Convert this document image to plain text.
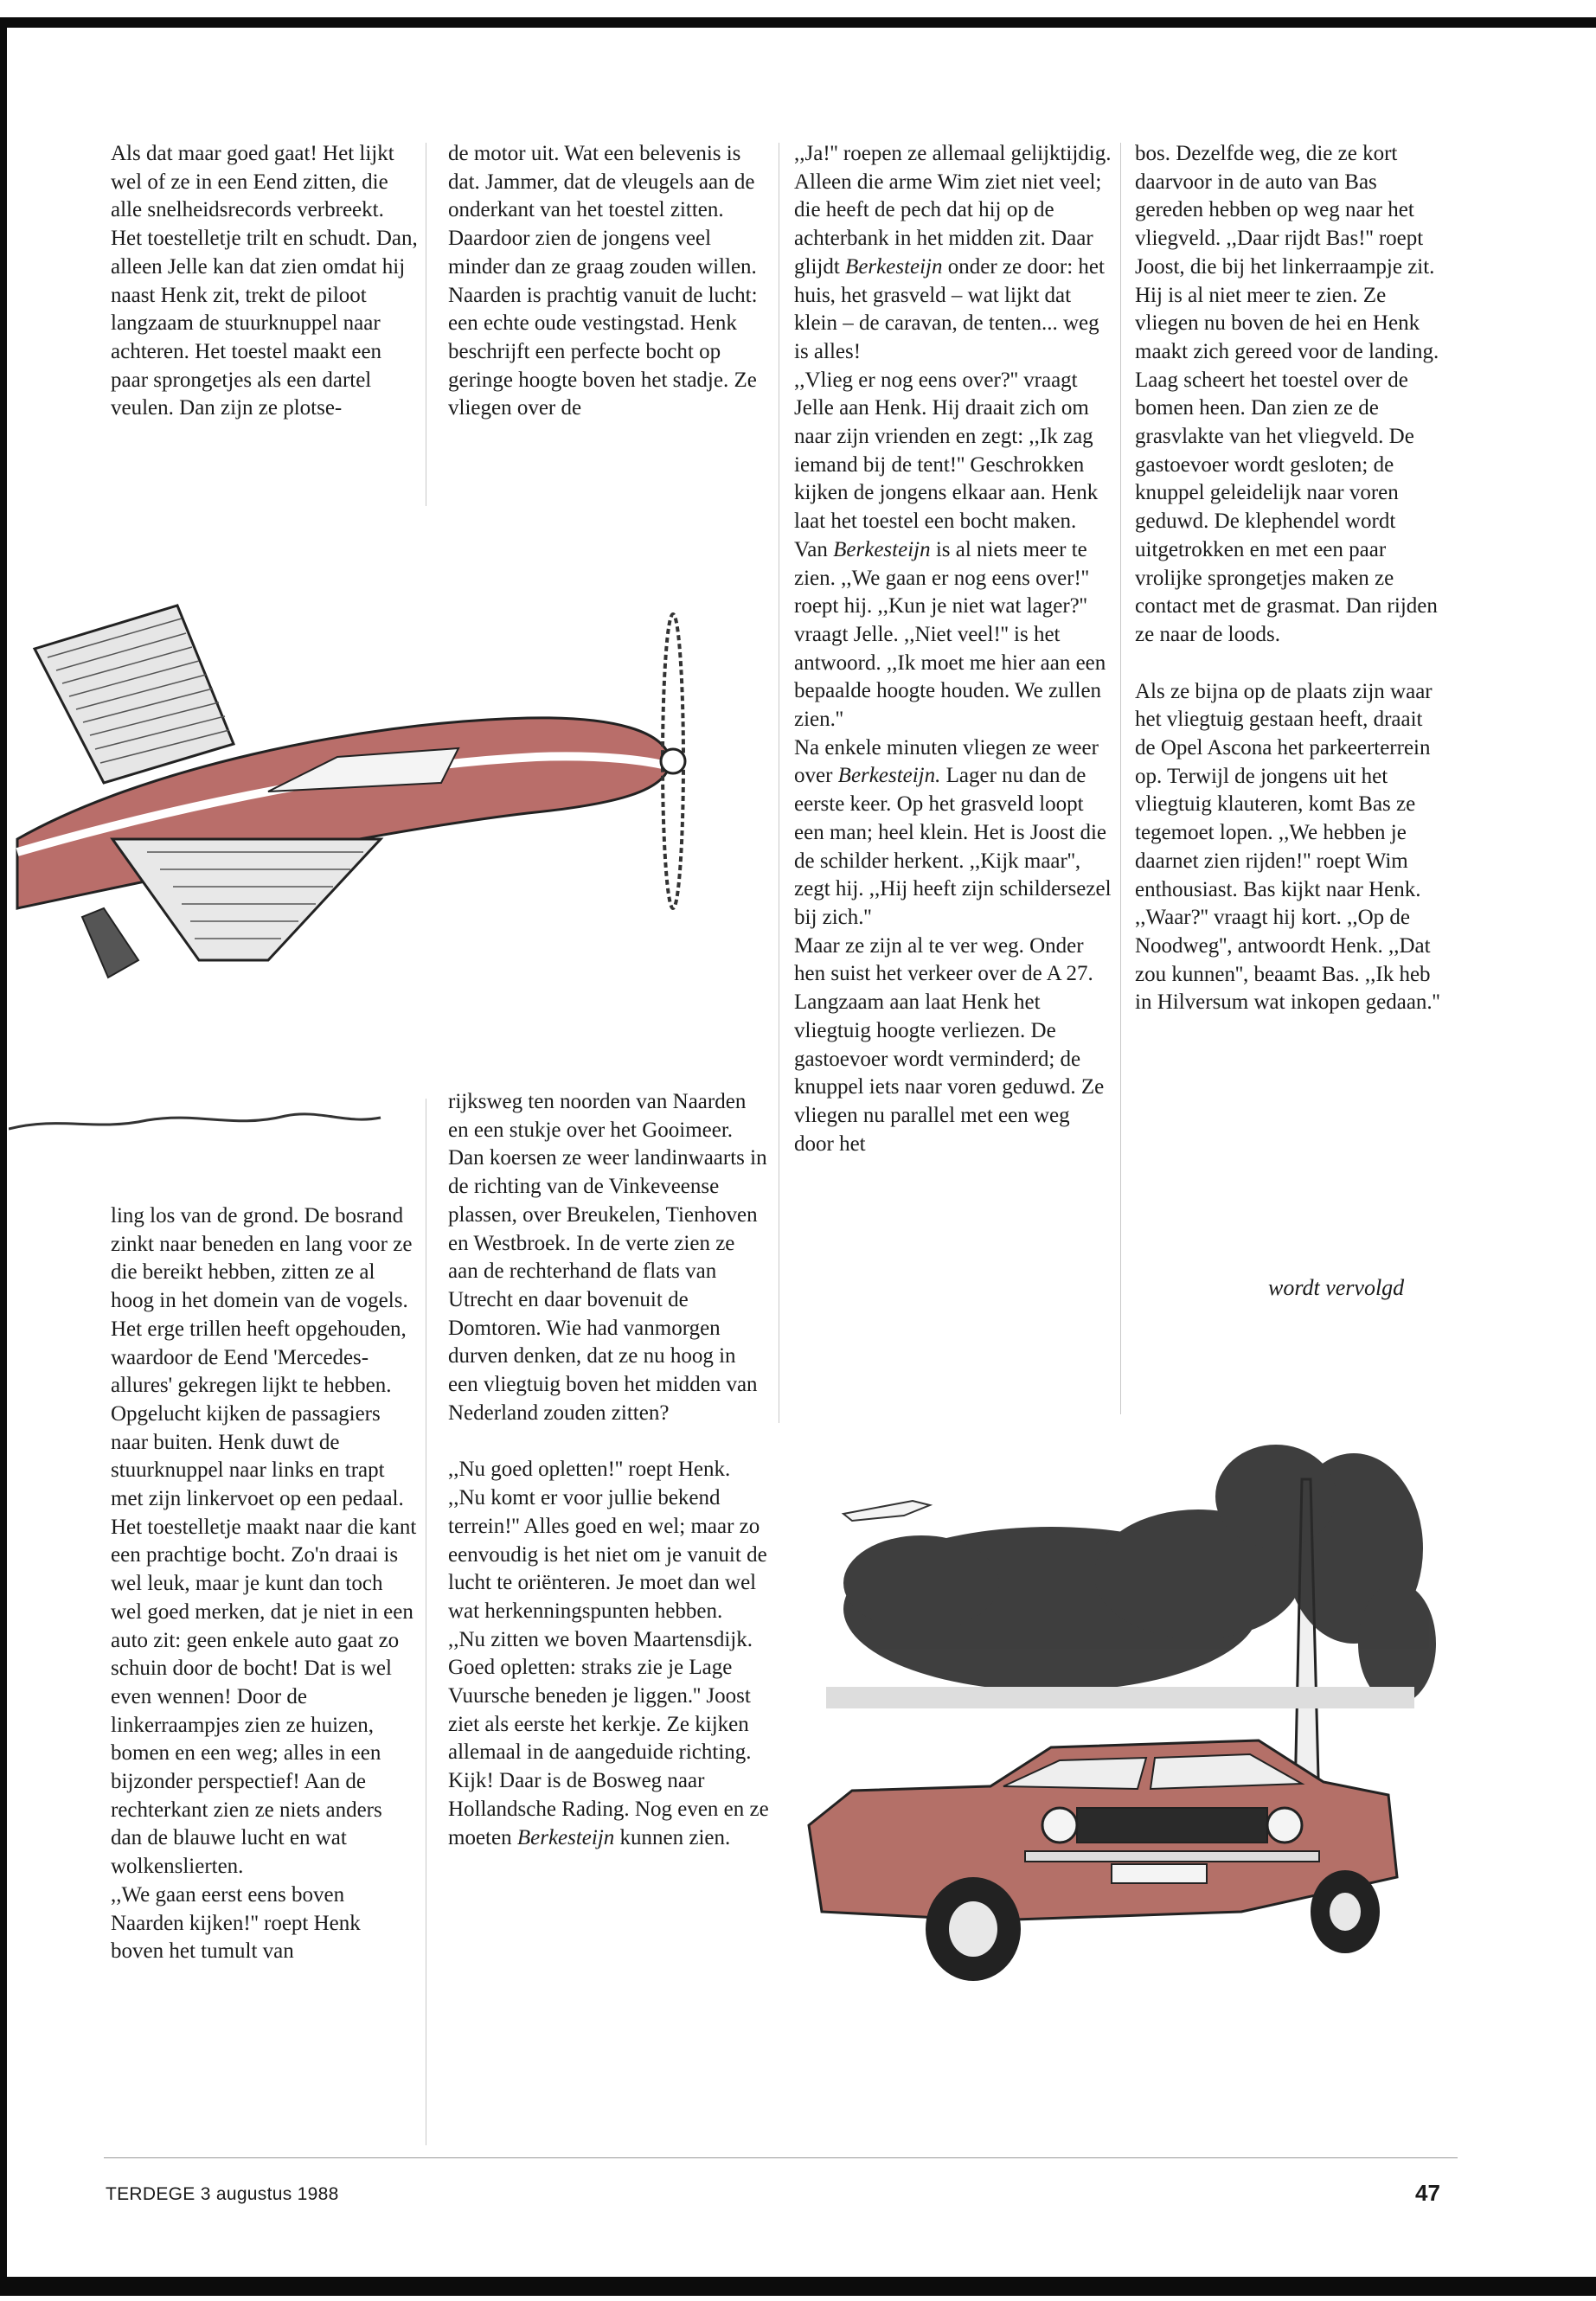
Als dat maar goed gaat! Het lijkt wel of ze in een Eend zitten, die alle snelheidsrecords verbreekt. Het toestelletje trilt en schudt. Dan, alleen Jelle kan dat zien omdat hij naast Henk zit, trekt de piloot langzaam de stuurknuppel naar achteren. Het toestel maakt een paar sprongetjes als een dartel veulen. Dan zijn ze plotse-

de motor uit. Wat een belevenis is dat. Jammer, dat de vleugels aan de onderkant van het toestel zitten. Daardoor zien de jongens veel minder dan ze graag zouden willen. Naarden is prachtig vanuit de lucht: een echte oude vestingstad. Henk beschrijft een perfecte bocht op geringe hoogte boven het stadje. Ze vliegen over de

,,Ja!'' roepen ze allemaal gelijktijdig. Alleen die arme Wim ziet niet veel; die heeft de pech dat hij op de achterbank in het midden zit. Daar glijdt Berkesteijn onder ze door: het huis, het grasveld – wat lijkt dat klein – de caravan, de tenten... weg is alles!

,,Vlieg er nog eens over?'' vraagt Jelle aan Henk. Hij draait zich om naar zijn vrienden en zegt: ,,Ik zag iemand bij de tent!'' Geschrokken kijken de jongens elkaar aan. Henk laat het toestel een bocht maken. Van Berkesteijn is al niets meer te zien. ,,We gaan er nog eens over!'' roept hij. ,,Kun je niet wat lager?'' vraagt Jelle. ,,Niet veel!'' is het antwoord. ,,Ik moet me hier aan een bepaalde hoogte houden. We zullen zien.''

Na enkele minuten vliegen ze weer over Berkesteijn. Lager nu dan de eerste keer. Op het grasveld loopt een man; heel klein. Het is Joost die de schilder herkent. ,,Kijk maar'', zegt hij. ,,Hij heeft zijn schildersezel bij zich.''

Maar ze zijn al te ver weg. Onder hen suist het verkeer over de A 27. Langzaam aan laat Henk het vliegtuig hoogte verliezen. De gastoevoer wordt verminderd; de knuppel iets naar voren geduwd. Ze vliegen nu parallel met een weg door het

bos. Dezelfde weg, die ze kort daarvoor in de auto van Bas gereden hebben op weg naar het vliegveld. ,,Daar rijdt Bas!'' roept Joost, die bij het linkerraampje zit. Hij is al niet meer te zien. Ze vliegen nu boven de hei en Henk maakt zich gereed voor de landing. Laag scheert het toestel over de bomen heen. Dan zien ze de grasvlakte van het vliegveld. De gastoevoer wordt gesloten; de knuppel geleidelijk naar voren geduwd. De klephendel wordt uitgetrokken en met een paar vrolijke sprongetjes maken ze contact met de grasmat. Dan rijden ze naar de loods.

Als ze bijna op de plaats zijn waar het vliegtuig gestaan heeft, draait de Opel Ascona het parkeerterrein op. Terwijl de jongens uit het vliegtuig klauteren, komt Bas ze tegemoet lopen. ,,We hebben je daarnet zien rijden!'' roept Wim enthousiast. Bas kijkt naar Henk. ,,Waar?'' vraagt hij kort. ,,Op de Noodweg'', antwoordt Henk. ,,Dat zou kunnen'', beaamt Bas. ,,Ik heb in Hilversum wat inkopen gedaan.''

wordt vervolgd

ling los van de grond. De bosrand zinkt naar beneden en lang voor ze die bereikt hebben, zitten ze al hoog in het domein van de vogels. Het erge trillen heeft opgehouden, waardoor de Eend 'Mercedes-allures' gekregen lijkt te hebben. Opgelucht kijken de passagiers naar buiten. Henk duwt de stuurknuppel naar links en trapt met zijn linkervoet op een pedaal. Het toestelletje maakt naar die kant een prachtige bocht. Zo'n draai is wel leuk, maar je kunt dan toch wel goed merken, dat je niet in een auto zit: geen enkele auto gaat zo schuin door de bocht! Dat is wel even wennen! Door de linkerraampjes zien ze huizen, bomen en een weg; alles in een bijzonder perspectief! Aan de rechterkant zien ze niets anders dan de blauwe lucht en wat wolkenslierten.

,,We gaan eerst eens boven Naarden kijken!'' roept Henk boven het tumult van

rijksweg ten noorden van Naarden en een stukje over het Gooimeer. Dan koersen ze weer landinwaarts in de richting van de Vinkeveense plassen, over Breukelen, Tienhoven en Westbroek. In de verte zien ze aan de rechterhand de flats van Utrecht en daar bovenuit de Domtoren. Wie had vanmorgen durven denken, dat ze nu hoog in een vliegtuig boven het midden van Nederland zouden zitten?

,,Nu goed opletten!'' roept Henk. ,,Nu komt er voor jullie bekend terrein!'' Alles goed en wel; maar zo eenvoudig is het niet om je vanuit de lucht te oriënteren. Je moet dan wel wat herkenningspunten hebben.

,,Nu zitten we boven Maartensdijk. Goed opletten: straks zie je Lage Vuursche beneden je liggen.'' Joost ziet als eerste het kerkje. Ze kijken allemaal in de aangeduide richting. Kijk! Daar is de Bosweg naar Hollandsche Rading. Nog even en ze moeten Berkesteijn kunnen zien.

TERDEGE 3 augustus 1988	47
